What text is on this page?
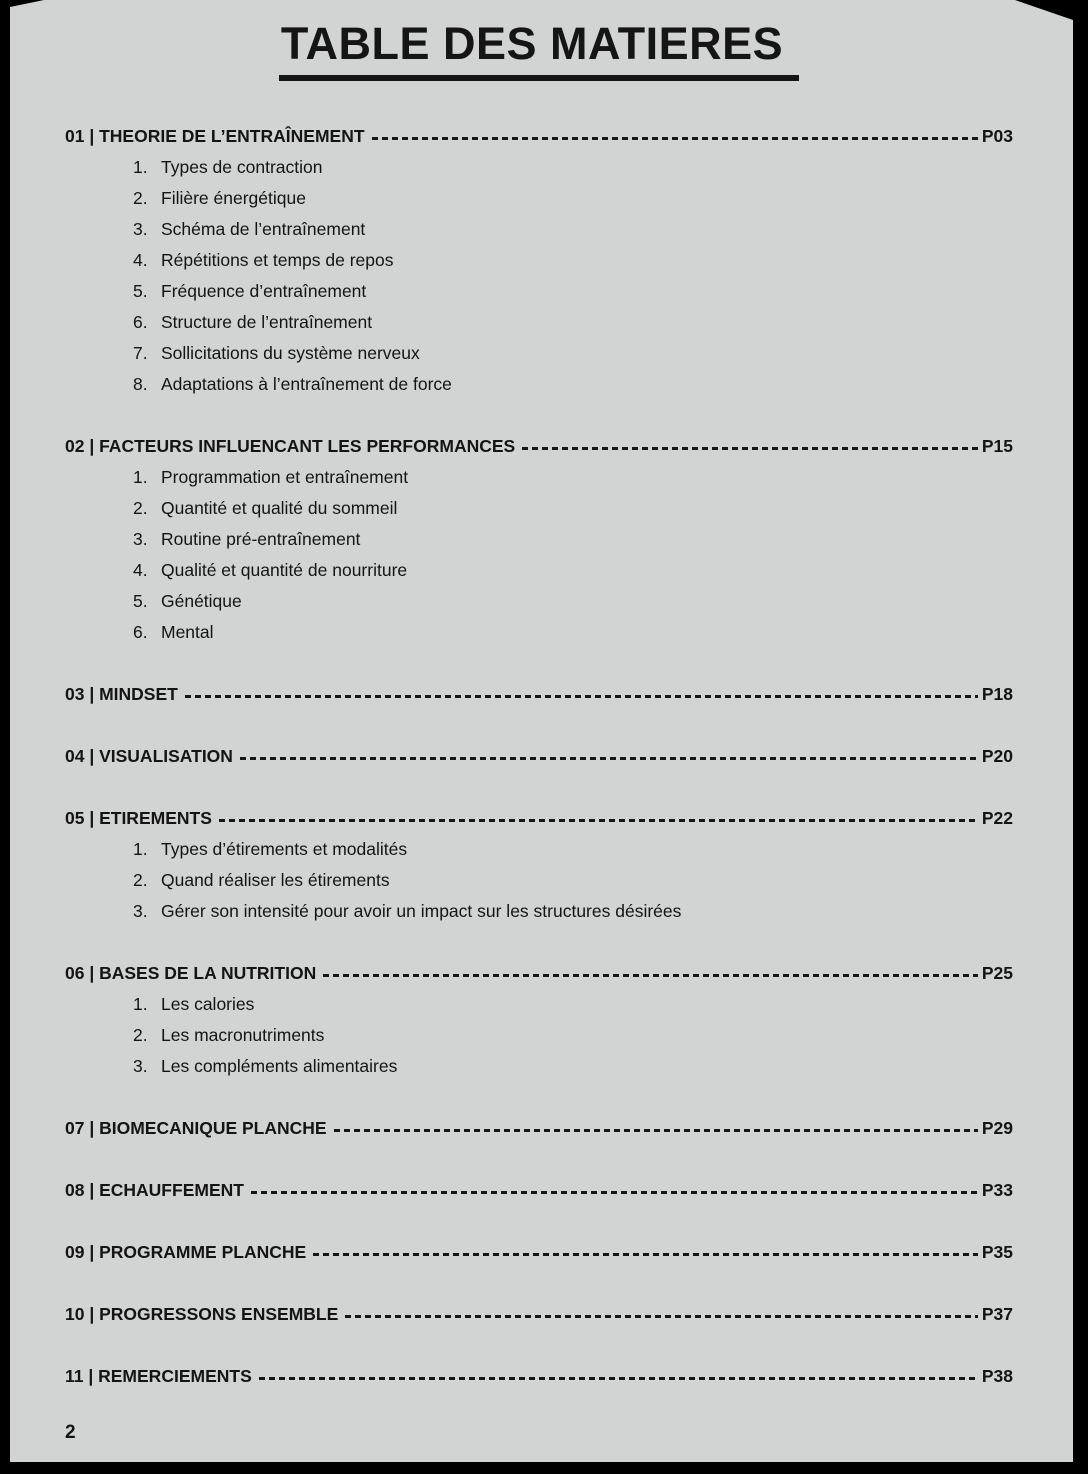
TABLE DES MATIERES
01 | THEORIE DE L’ENTRAÎNEMENT	P03
1. Types de contraction
2. Filière énergétique
3. Schéma de l’entraînement
4. Répétitions et temps de repos
5. Fréquence d’entraînement
6. Structure de l’entraînement
7. Sollicitations du système nerveux
8. Adaptations à l’entraînement de force
02 | FACTEURS INFLUENCANT LES PERFORMANCES	P15
1. Programmation et entraînement
2. Quantité et qualité du sommeil
3. Routine pré-entraînement
4. Qualité et quantité de nourriture
5. Génétique
6. Mental
03 | MINDSET	P18
04 | VISUALISATION	P20
05 | ETIREMENTS	P22
1. Types d’étirements et modalités
2. Quand réaliser les étirements
3. Gérer son intensité pour avoir un impact sur les structures désirées
06 | BASES DE LA NUTRITION	P25
1. Les calories
2. Les macronutriments
3. Les compléments alimentaires
07 | BIOMECANIQUE PLANCHE	P29
08 | ECHAUFFEMENT	P33
09 | PROGRAMME PLANCHE	P35
10 | PROGRESSONS ENSEMBLE	P37
11 | REMERCIEMENTS	P38
2
